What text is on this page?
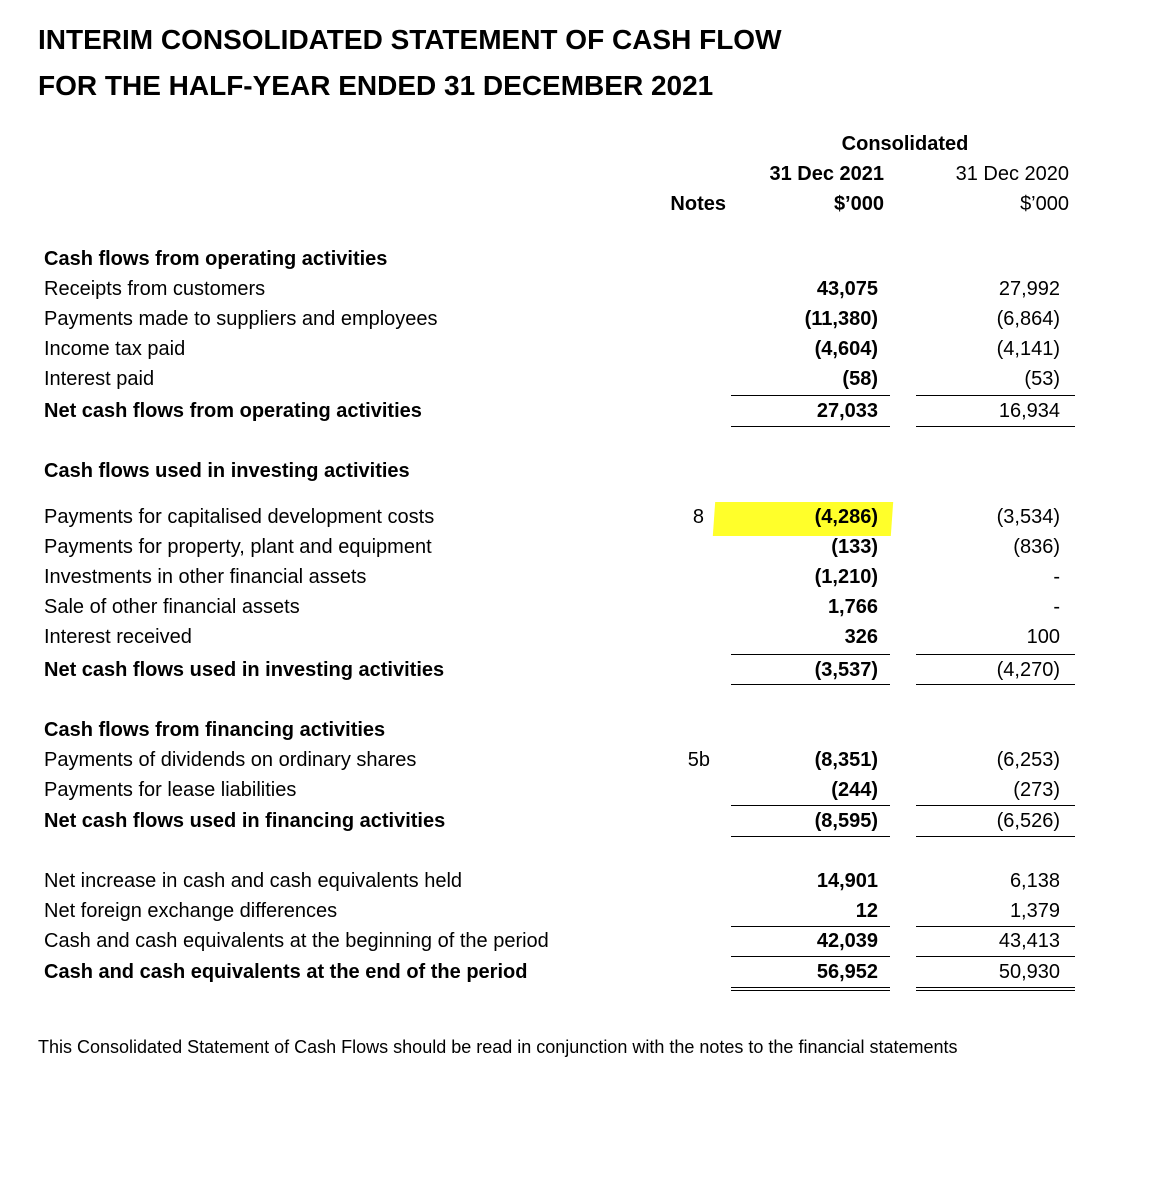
INTERIM CONSOLIDATED STATEMENT OF CASH FLOW
FOR THE HALF-YEAR ENDED 31 DECEMBER 2021
Consolidated
31 Dec 2021	31 Dec 2020
Notes	$’000	$’000
Cash flows from operating activities
Receipts from customers	43,075	27,992
Payments made to suppliers and employees	(11,380)	(6,864)
Income tax paid	(4,604)	(4,141)
Interest paid	(58)	(53)
Net cash flows from operating activities	27,033	16,934
Cash flows used in investing activities
Payments for capitalised development costs	8	(4,286)	(3,534)
Payments for property, plant and equipment	(133)	(836)
Investments in other financial assets	(1,210)	-
Sale of other financial assets	1,766	-
Interest received	326	100
Net cash flows used in investing activities	(3,537)	(4,270)
Cash flows from financing activities
Payments of dividends on ordinary shares	5b	(8,351)	(6,253)
Payments for lease liabilities	(244)	(273)
Net cash flows used in financing activities	(8,595)	(6,526)
Net increase in cash and cash equivalents held	14,901	6,138
Net foreign exchange differences	12	1,379
Cash and cash equivalents at the beginning of the period	42,039	43,413
Cash and cash equivalents at the end of the period	56,952	50,930
This Consolidated Statement of Cash Flows should be read in conjunction with the notes to the financial statements
